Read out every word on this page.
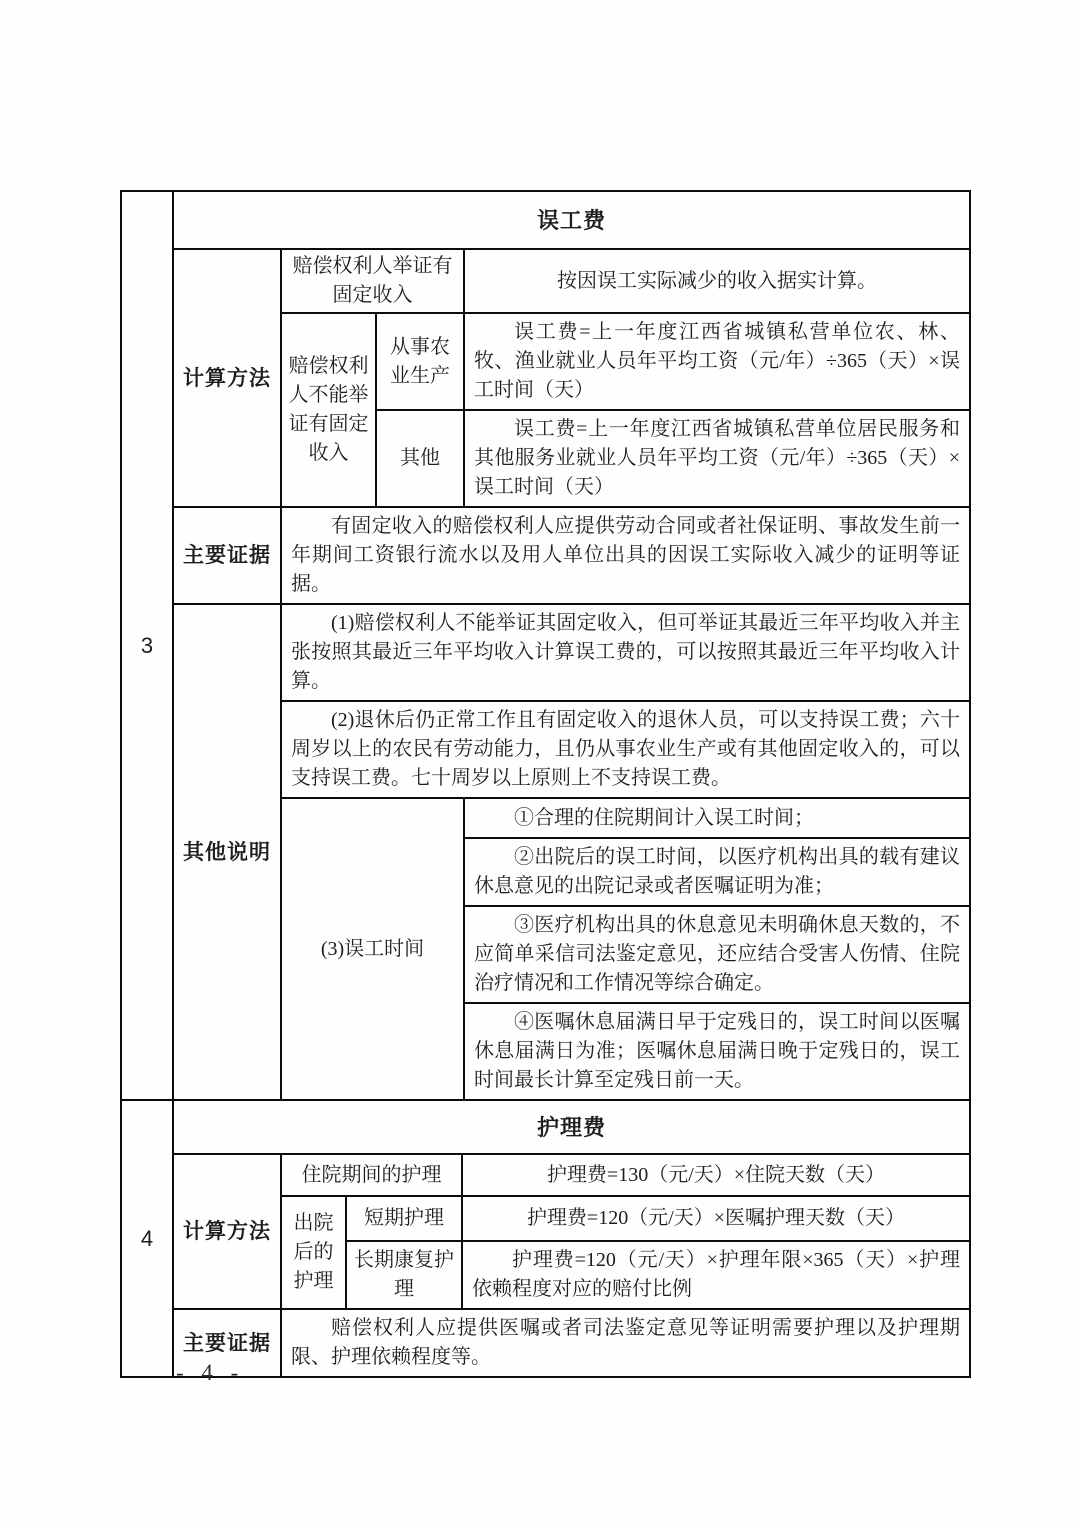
3	误工费			
	计算方法	赔偿权利人举证有固定收入		按因误工实际减少的收入据实计算。
		赔偿权利人不能举证有固定收入	从事农业生产	误工费=上一年度江西省城镇私营单位农、林、牧、渔业就业人员年平均工资（元/年）÷365（天）×误工时间（天）
			其他	误工费=上一年度江西省城镇私营单位居民服务和其他服务业就业人员年平均工资（元/年）÷365（天）×误工时间（天）
	主要证据	有固定收入的赔偿权利人应提供劳动合同或者社保证明、事故发生前一年期间工资银行流水以及用人单位出具的因误工实际收入减少的证明等证据。		
	其他说明	(1)赔偿权利人不能举证其固定收入，但可举证其最近三年平均收入并主张按照其最近三年平均收入计算误工费的，可以按照其最近三年平均收入计算。		
		(2)退休后仍正常工作且有固定收入的退休人员，可以支持误工费；六十周岁以上的农民有劳动能力，且仍从事农业生产或有其他固定收入的，可以支持误工费。七十周岁以上原则上不支持误工费。		
		(3)误工时间		①合理的住院期间计入误工时间；
				②出院后的误工时间，以医疗机构出具的载有建议休息意见的出院记录或者医嘱证明为准；
				③医疗机构出具的休息意见未明确休息天数的，不应简单采信司法鉴定意见，还应结合受害人伤情、住院治疗情况和工作情况等综合确定。
				④医嘱休息届满日早于定残日的，误工时间以医嘱休息届满日为准；医嘱休息届满日晚于定残日的，误工时间最长计算至定残日前一天。
4	护理费			
	计算方法	住院期间的护理		护理费=130（元/天）×住院天数（天）
		出院后的护理	短期护理	护理费=120（元/天）×医嘱护理天数（天）
			长期康复护理	护理费=120（元/天）×护理年限×365（天）×护理依赖程度对应的赔付比例
	主要证据	赔偿权利人应提供医嘱或者司法鉴定意见等证明需要护理以及护理期限、护理依赖程度等。		
- 4 -
